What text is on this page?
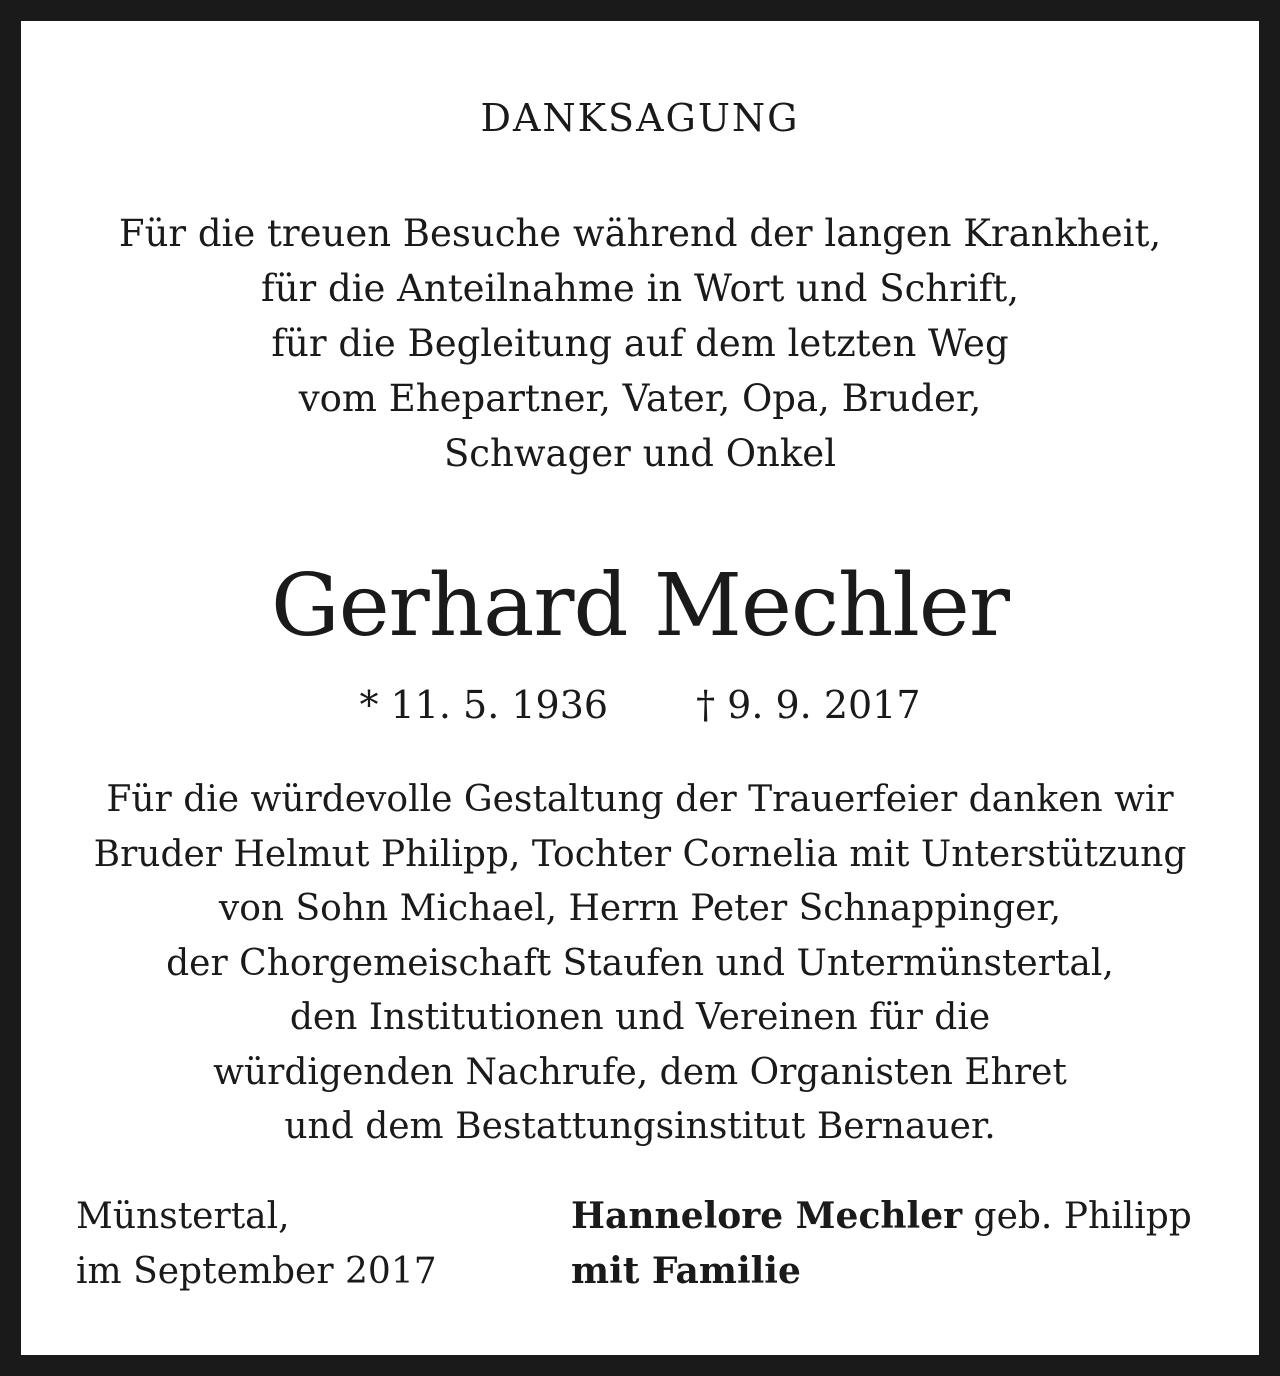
DANKSAGUNG
Für die treuen Besuche während der langen Krankheit,
für die Anteilnahme in Wort und Schrift,
für die Begleitung auf dem letzten Weg
vom Ehepartner, Vater, Opa, Bruder,
Schwager und Onkel
Gerhard Mechler
* 11. 5. 1936 † 9. 9. 2017
Für die würdevolle Gestaltung der Trauerfeier danken wir
Bruder Helmut Philipp, Tochter Cornelia mit Unterstützung
von Sohn Michael, Herrn Peter Schnappinger,
der Chorgemeischaft Staufen und Untermünstertal,
den Institutionen und Vereinen für die
würdigenden Nachrufe, dem Organisten Ehret
und dem Bestattungsinstitut Bernauer.
Münstertal,
im September 2017
Hannelore Mechler geb. Philipp
mit Familie
